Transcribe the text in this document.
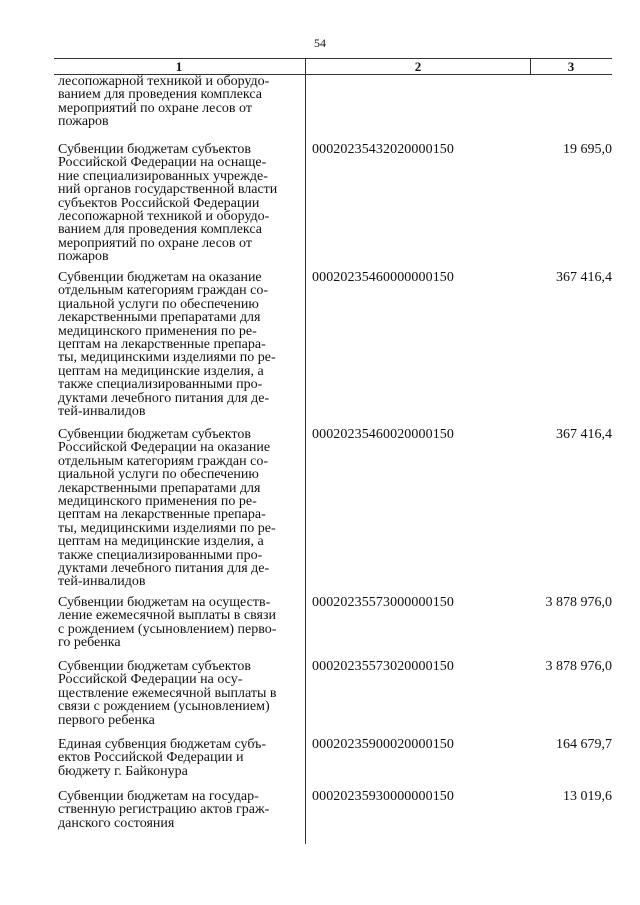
54
1	2	3
лесопожарной техникой и оборудо-
ванием для проведения комплекса
мероприятий по охране лесов от
пожаров
Субвенции бюджетам субъектов
Российской Федерации на оснаще-
ние специализированных учрежде-
ний органов государственной власти
субъектов Российской Федерации
лесопожарной техникой и оборудо-
ванием для проведения комплекса
мероприятий по охране лесов от
пожаров
00020235432020000150	19 695,0
Субвенции бюджетам на оказание
отдельным категориям граждан со-
циальной услуги по обеспечению
лекарственными препаратами для
медицинского применения по ре-
цептам на лекарственные препара-
ты, медицинскими изделиями по ре-
цептам на медицинские изделия, а
также специализированными про-
дуктами лечебного питания для де-
тей-инвалидов
00020235460000000150	367 416,4
Субвенции бюджетам субъектов
Российской Федерации на оказание
отдельным категориям граждан со-
циальной услуги по обеспечению
лекарственными препаратами для
медицинского применения по ре-
цептам на лекарственные препара-
ты, медицинскими изделиями по ре-
цептам на медицинские изделия, а
также специализированными про-
дуктами лечебного питания для де-
тей-инвалидов
00020235460020000150	367 416,4
Субвенции бюджетам на осуществ-
ление ежемесячной выплаты в связи
с рождением (усыновлением) перво-
го ребенка
00020235573000000150	3 878 976,0
Субвенции бюджетам субъектов
Российской Федерации на осу-
ществление ежемесячной выплаты в
связи с рождением (усыновлением)
первого ребенка
00020235573020000150	3 878 976,0
Единая субвенция бюджетам субъ-
ектов Российской Федерации и
бюджету г. Байконура
00020235900020000150	164 679,7
Субвенции бюджетам на государ-
ственную регистрацию актов граж-
данского состояния
00020235930000000150	13 019,6
